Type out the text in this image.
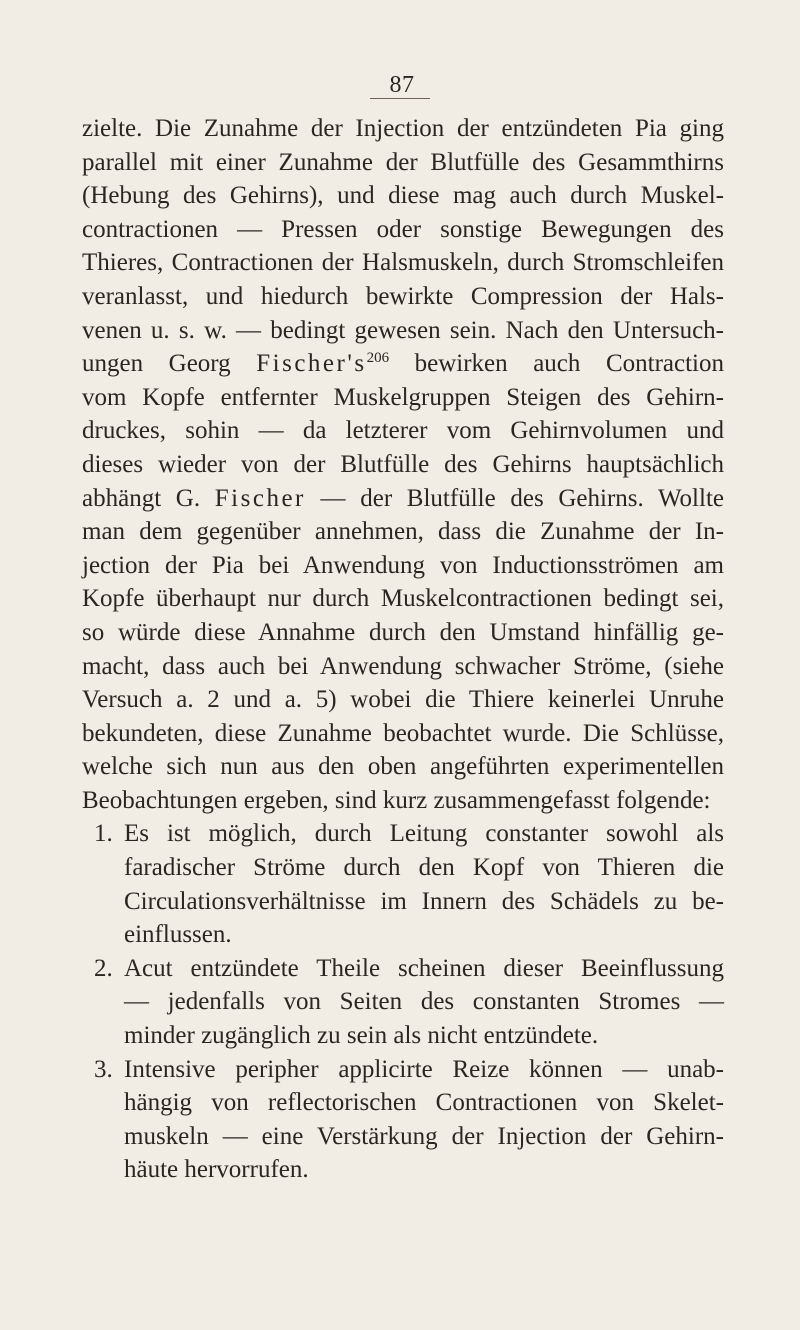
87
zielte. Die Zunahme der Injection der entzündeten Pia ging
parallel mit einer Zunahme der Blutfülle des Gesammthirns
(Hebung des Gehirns), und diese mag auch durch Muskel-
contractionen — Pressen oder sonstige Bewegungen des
Thieres, Contractionen der Halsmuskeln, durch Stromschleifen
veranlasst, und hiedurch bewirkte Compression der Hals-
venen u. s. w. — bedingt gewesen sein. Nach den Untersuch-
ungen Georg $Fischer's^{206}$ bewirken auch Contraction
vom Kopfe entfernter Muskelgruppen Steigen des Gehirn-
druckes, sohin — da letzterer vom Gehirnvolumen und
dieses wieder von der Blutfülle des Gehirns hauptsächlich
abhängt G. Fischer — der Blutfülle des Gehirns. Wollte
man dem gegenüber annehmen, dass die Zunahme der In-
jection der Pia bei Anwendung von Inductionsströmen am
Kopfe überhaupt nur durch Muskelcontractionen bedingt sei,
so würde diese Annahme durch den Umstand hinfällig ge-
macht, dass auch bei Anwendung schwacher Ströme, (siehe
Versuch a. 2 und a. 5) wobei die Thiere keinerlei Unruhe
bekundeten, diese Zunahme beobachtet wurde. Die Schlüsse,
welche sich nun aus den oben angeführten experimentellen
Beobachtungen ergeben, sind kurz zusammengefasst folgende:
1. Es ist möglich, durch Leitung constanter sowohl als
faradischer Ströme durch den Kopf von Thieren die
Circulationsverhältnisse im Innern des Schädels zu be-
einflussen.
2. Acut entzündete Theile scheinen dieser Beeinflussung
— jedenfalls von Seiten des constanten Stromes —
minder zugänglich zu sein als nicht entzündete.
3. Intensive peripher applicirte Reize können — unab-
hängig von reflectorischen Contractionen von Skelet-
muskeln — eine Verstärkung der Injection der Gehirn-
häute hervorrufen.
